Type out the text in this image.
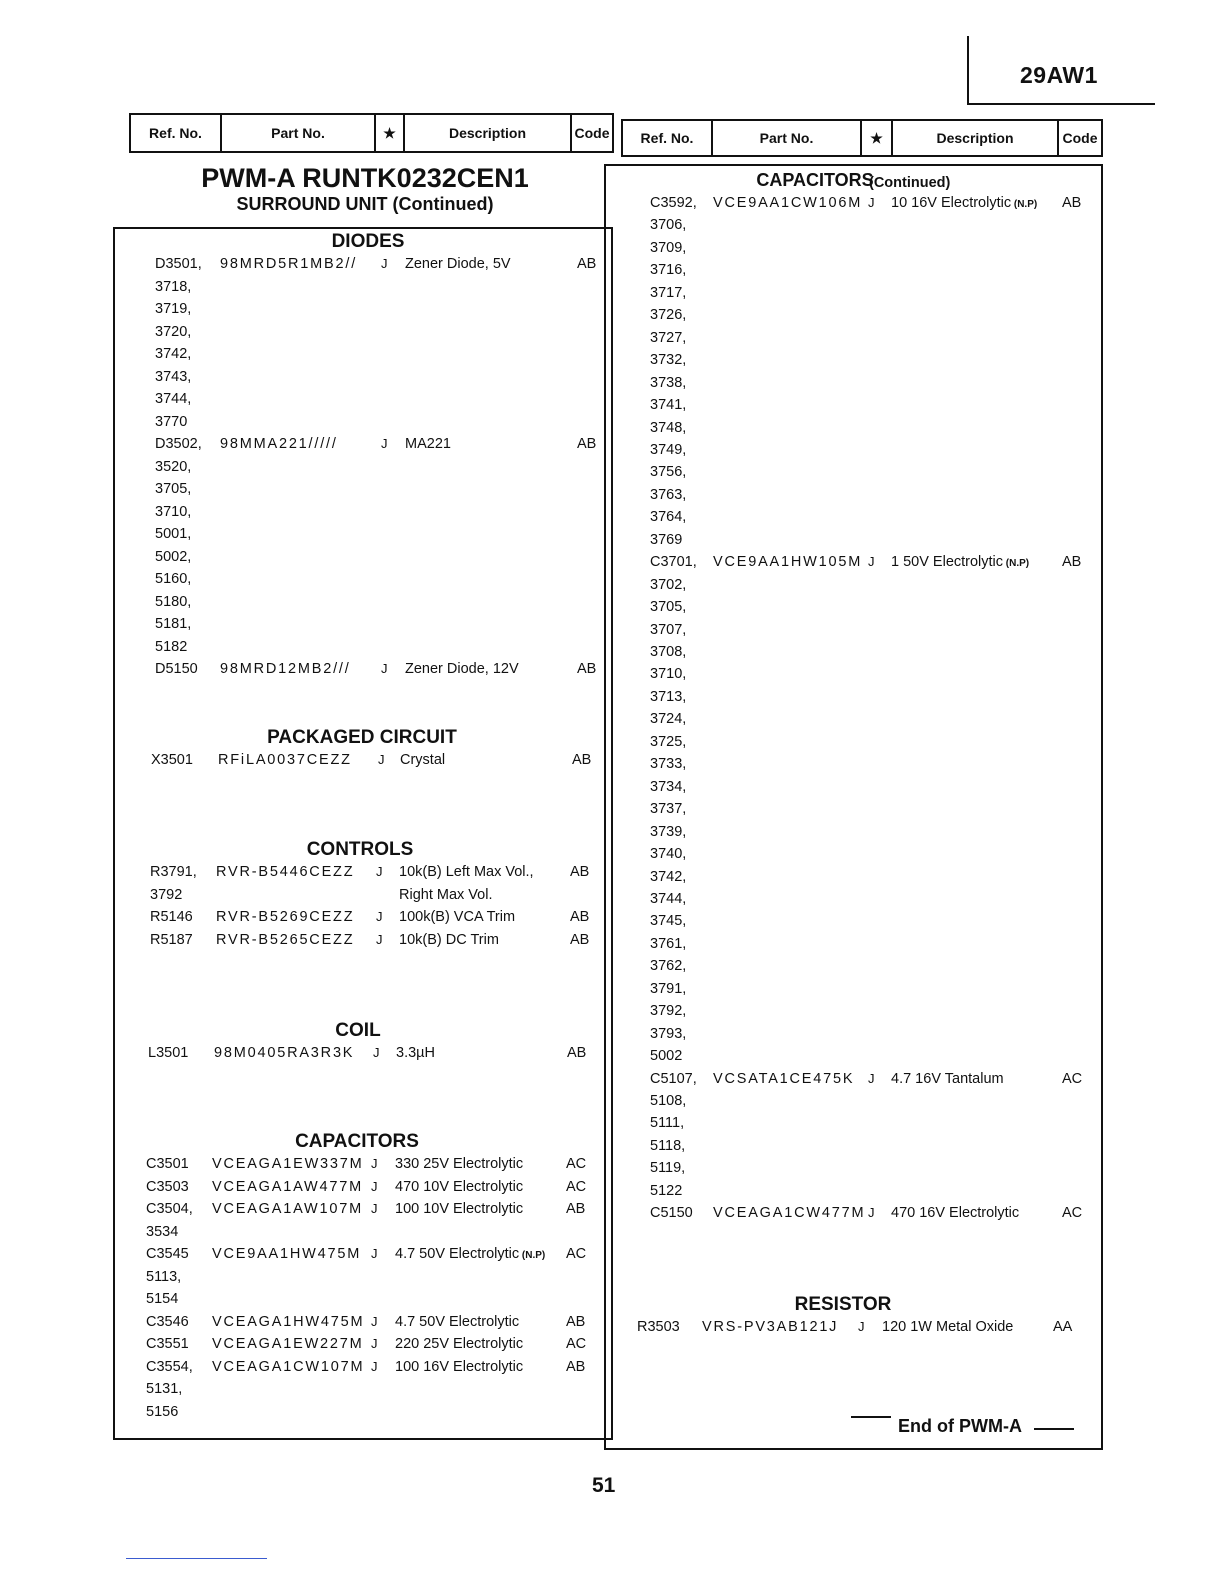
29AW1
Ref. No.	Part No.	★	Description	Code	Ref. No.	Part No.	★	Description	Code
PWM-A RUNTK0232CEN1
SURROUND UNIT (Continued)
DIODES
D3501, 98MRD5R1MB2// J Zener Diode, 5V	AB
3718,
3719,
3720,
3742,
3743,
3744,
3770
D3502, 98MMA221/////	J MA221	AB
3520,
3705,
3710,
5001,
5002,
5160,
5180,
5181,
5182
D5150 98MRD12MB2/// J Zener Diode, 12V	AB
PACKAGED CIRCUIT
X3501 RFiLA0037CEZZ J Crystal	AB
CONTROLS
R3791, RVR-B5446CEZZ J 10k(B) Left Max Vol.,	AB
3792	Right Max Vol.
R5146 RVR-B5269CEZZ J 100k(B) VCA Trim	AB
R5187 RVR-B5265CEZZ J 10k(B) DC Trim	AB
COIL
L3501 98M0405RA3R3K J 3.3µH	AB
CAPACITORS
C3501 VCEAGA1EW337M J 330 25V Electrolytic	AC
C3503 VCEAGA1AW477M J 470 10V Electrolytic	AC
C3504, VCEAGA1AW107M J 100 10V Electrolytic	AB
3534
C3545 VCE9AA1HW475M J 4.7 50V Electrolytic (N.P) AC
5113,
5154
C3546 VCEAGA1HW475M J 4.7 50V Electrolytic	AB
C3551 VCEAGA1EW227M J 220 25V Electrolytic	AC
C3554, VCEAGA1CW107M J 100 16V Electrolytic	AB
5131,
5156
CAPACITORS
(Continued)
C3592, VCE9AA1CW106M J 10 16V Electrolytic (N.P) AB
3706,
3709,
3716,
3717,
3726,
3727,
3732,
3738,
3741,
3748,
3749,
3756,
3763,
3764,
3769
C3701, VCE9AA1HW105M J 1 50V Electrolytic (N.P) AB
3702,
3705,
3707,
3708,
3710,
3713,
3724,
3725,
3733,
3734,
3737,
3739,
3740,
3742,
3744,
3745,
3761,
3762,
3791,
3792,
3793,
5002
C5107, VCSATA1CE475K J 4.7 16V Tantalum	AC
5108,
5111,
5118,
5119,
5122
C5150 VCEAGA1CW477M J 470 16V Electrolytic	AC
RESISTOR
R3503 VRS-PV3AB121J J 120 1W Metal Oxide	AA
End of PWM-A
51
